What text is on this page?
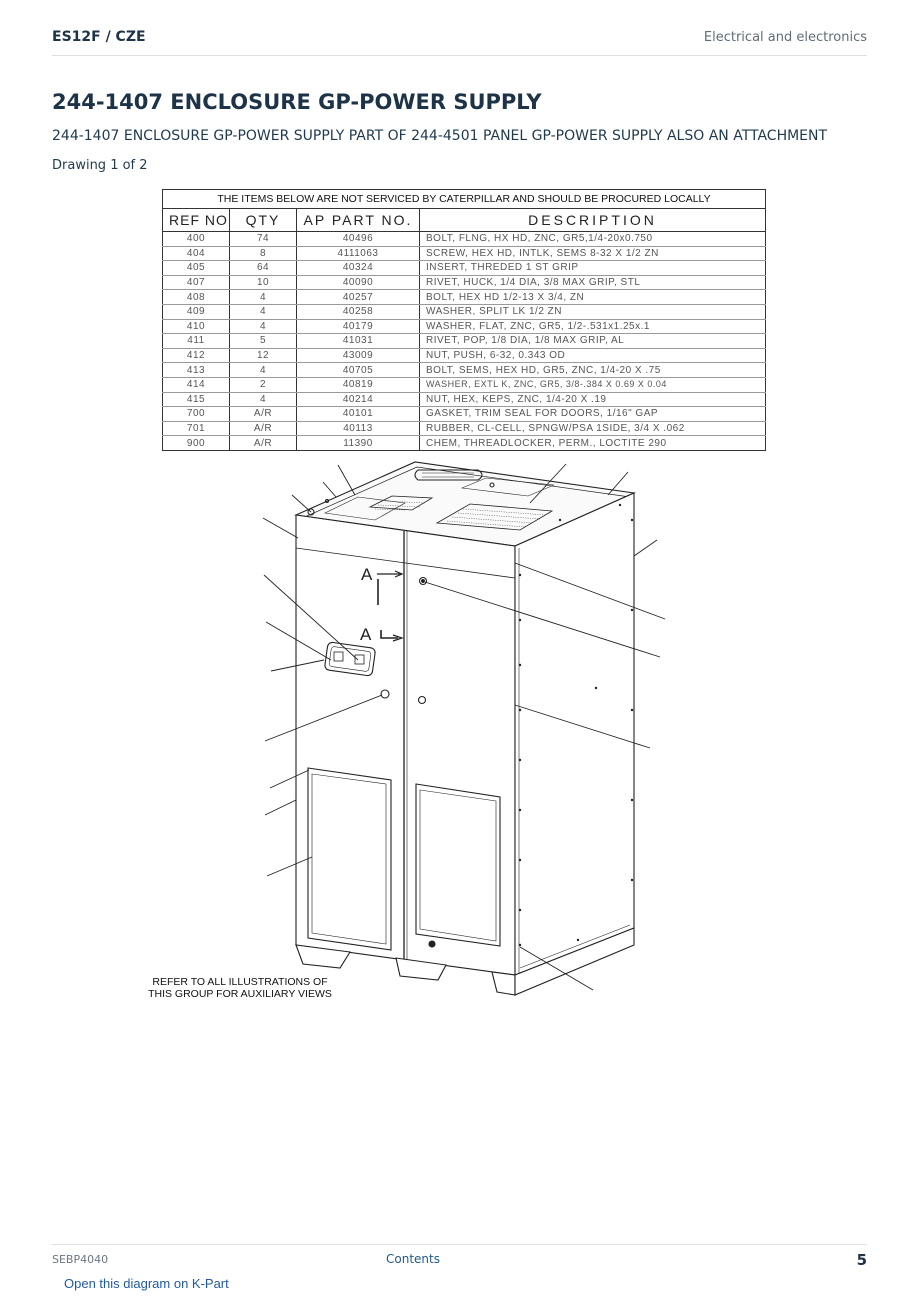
ES12F / CZE	Electrical and electronics
244-1407 ENCLOSURE GP-POWER SUPPLY
244-1407 ENCLOSURE GP-POWER SUPPLY PART OF 244-4501 PANEL GP-POWER SUPPLY ALSO AN ATTACHMENT
Drawing 1 of 2
THE ITEMS BELOW ARE NOT SERVICED BY CATERPILLAR AND SHOULD BE PROCURED LOCALLY			
REF NO	QTY	AP PART NO.	DESCRIPTION
400	74	40496	BOLT, FLNG, HX HD, ZNC, GR5,1/4-20x0.750
404	8	4111063	SCREW, HEX HD, INTLK, SEMS 8-32 X 1/2 ZN
405	64	40324	INSERT, THREDED 1 ST GRIP
407	10	40090	RIVET, HUCK, 1/4 DIA, 3/8 MAX GRIP, STL
408	4	40257	BOLT, HEX HD 1/2-13 X 3/4, ZN
409	4	40258	WASHER, SPLIT LK 1/2 ZN
410	4	40179	WASHER, FLAT, ZNC, GR5, 1/2-.531x1.25x.1
411	5	41031	RIVET, POP, 1/8 DIA, 1/8 MAX GRIP, AL
412	12	43009	NUT, PUSH, 6-32, 0.343 OD
413	4	40705	BOLT, SEMS, HEX HD, GR5, ZNC, 1/4-20 X .75
414	2	40819	WASHER, EXTL K, ZNC, GR5, 3/8-.384 X 0.69 X 0.04
415	4	40214	NUT, HEX, KEPS, ZNC, 1/4-20 X .19
700	A/R	40101	GASKET, TRIM SEAL FOR DOORS, 1/16" GAP
701	A/R	40113	RUBBER, CL-CELL, SPNGW/PSA 1SIDE, 3/4 X .062
900	A/R	11390	CHEM, THREADLOCKER, PERM., LOCTITE 290
A
A
REFER TO ALL ILLUSTRATIONS OF
THIS GROUP FOR AUXILIARY VIEWS
SEBP4040	Contents	5
Open this diagram on K-Part
